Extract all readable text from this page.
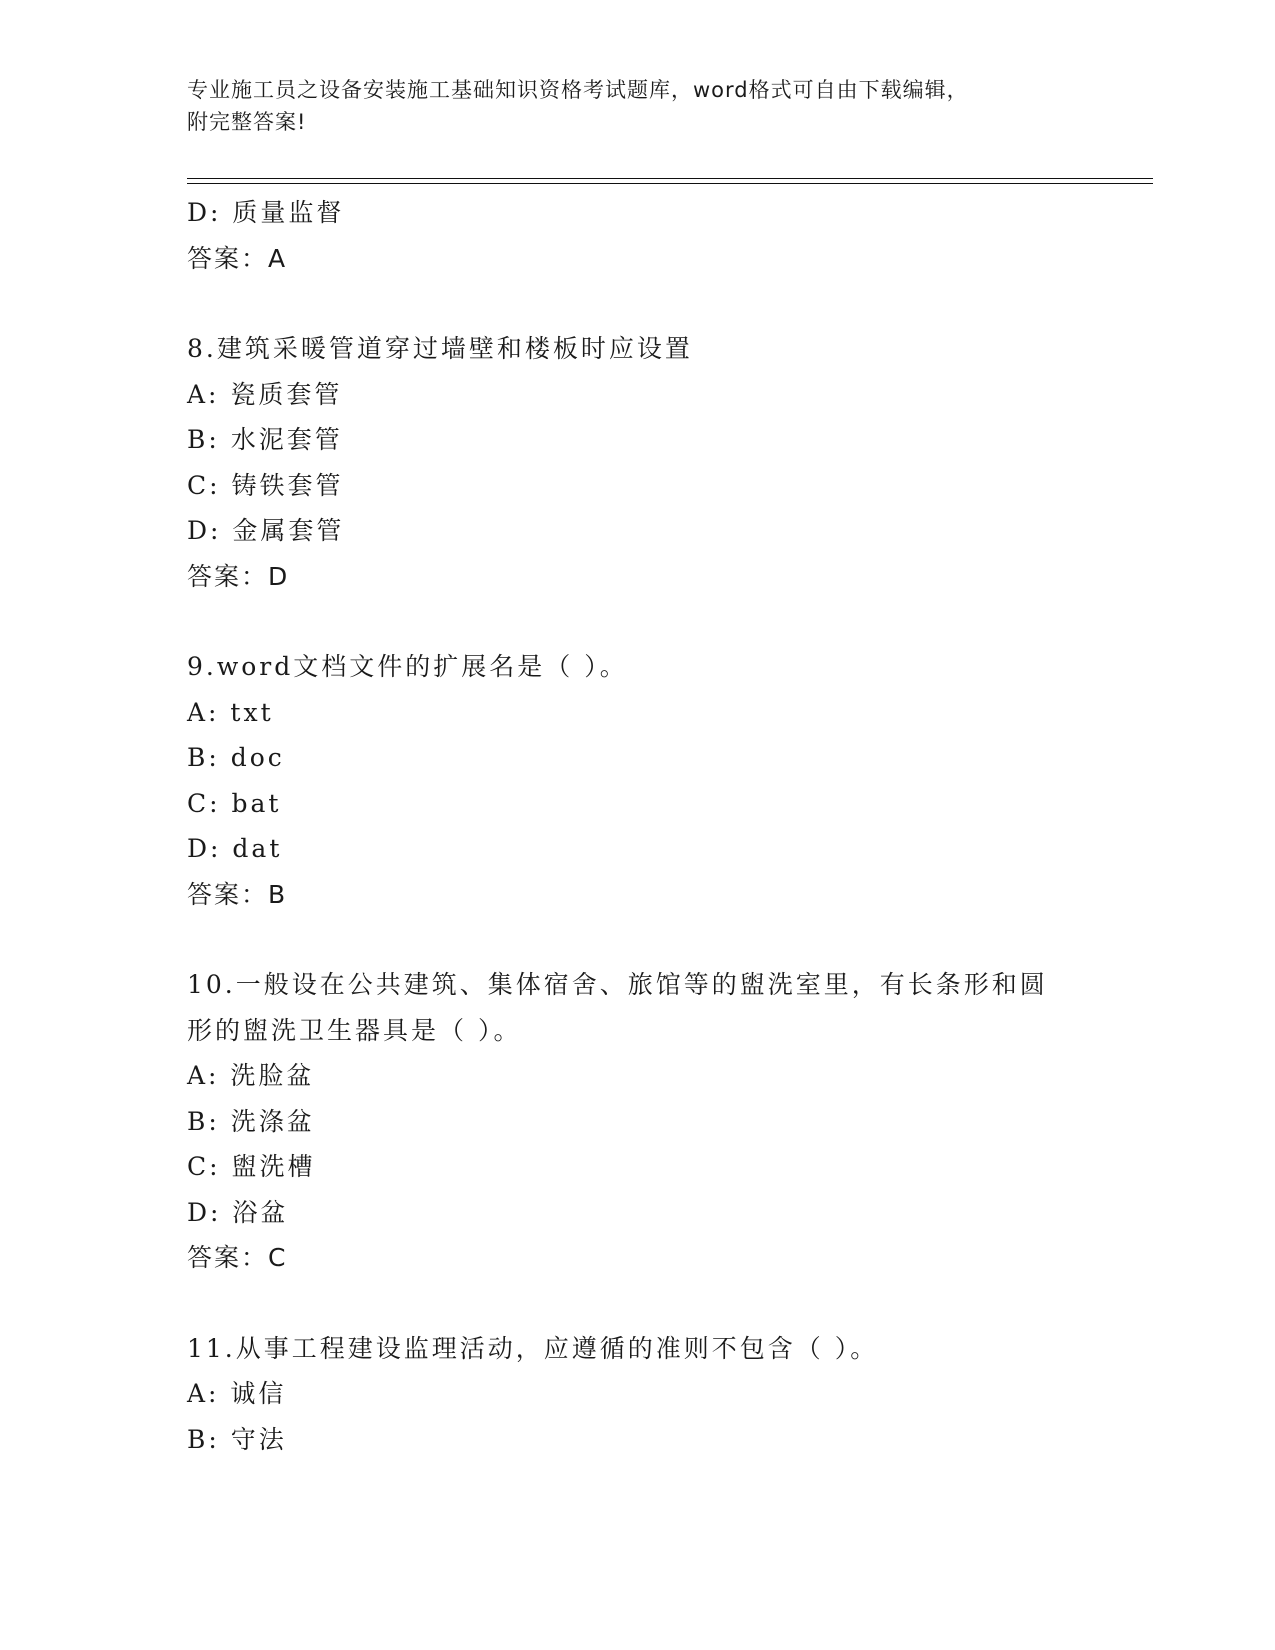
专业施工员之设备安装施工基础知识资格考试题库，word格式可自由下载编辑，
附完整答案!
D: 质量监督
答案：A
8.建筑采暖管道穿过墙壁和楼板时应设置
A: 瓷质套管
B: 水泥套管
C: 铸铁套管
D: 金属套管
答案：D
9.word文档文件的扩展名是（ ）。
A: txt
B: doc
C: bat
D: dat
答案：B
10.一般设在公共建筑、集体宿舍、旅馆等的盥洗室里，有长条形和圆
形的盥洗卫生器具是（ ）。
A: 洗脸盆
B: 洗涤盆
C: 盥洗槽
D: 浴盆
答案：C
11.从事工程建设监理活动，应遵循的准则不包含（ ）。
A: 诚信
B: 守法
